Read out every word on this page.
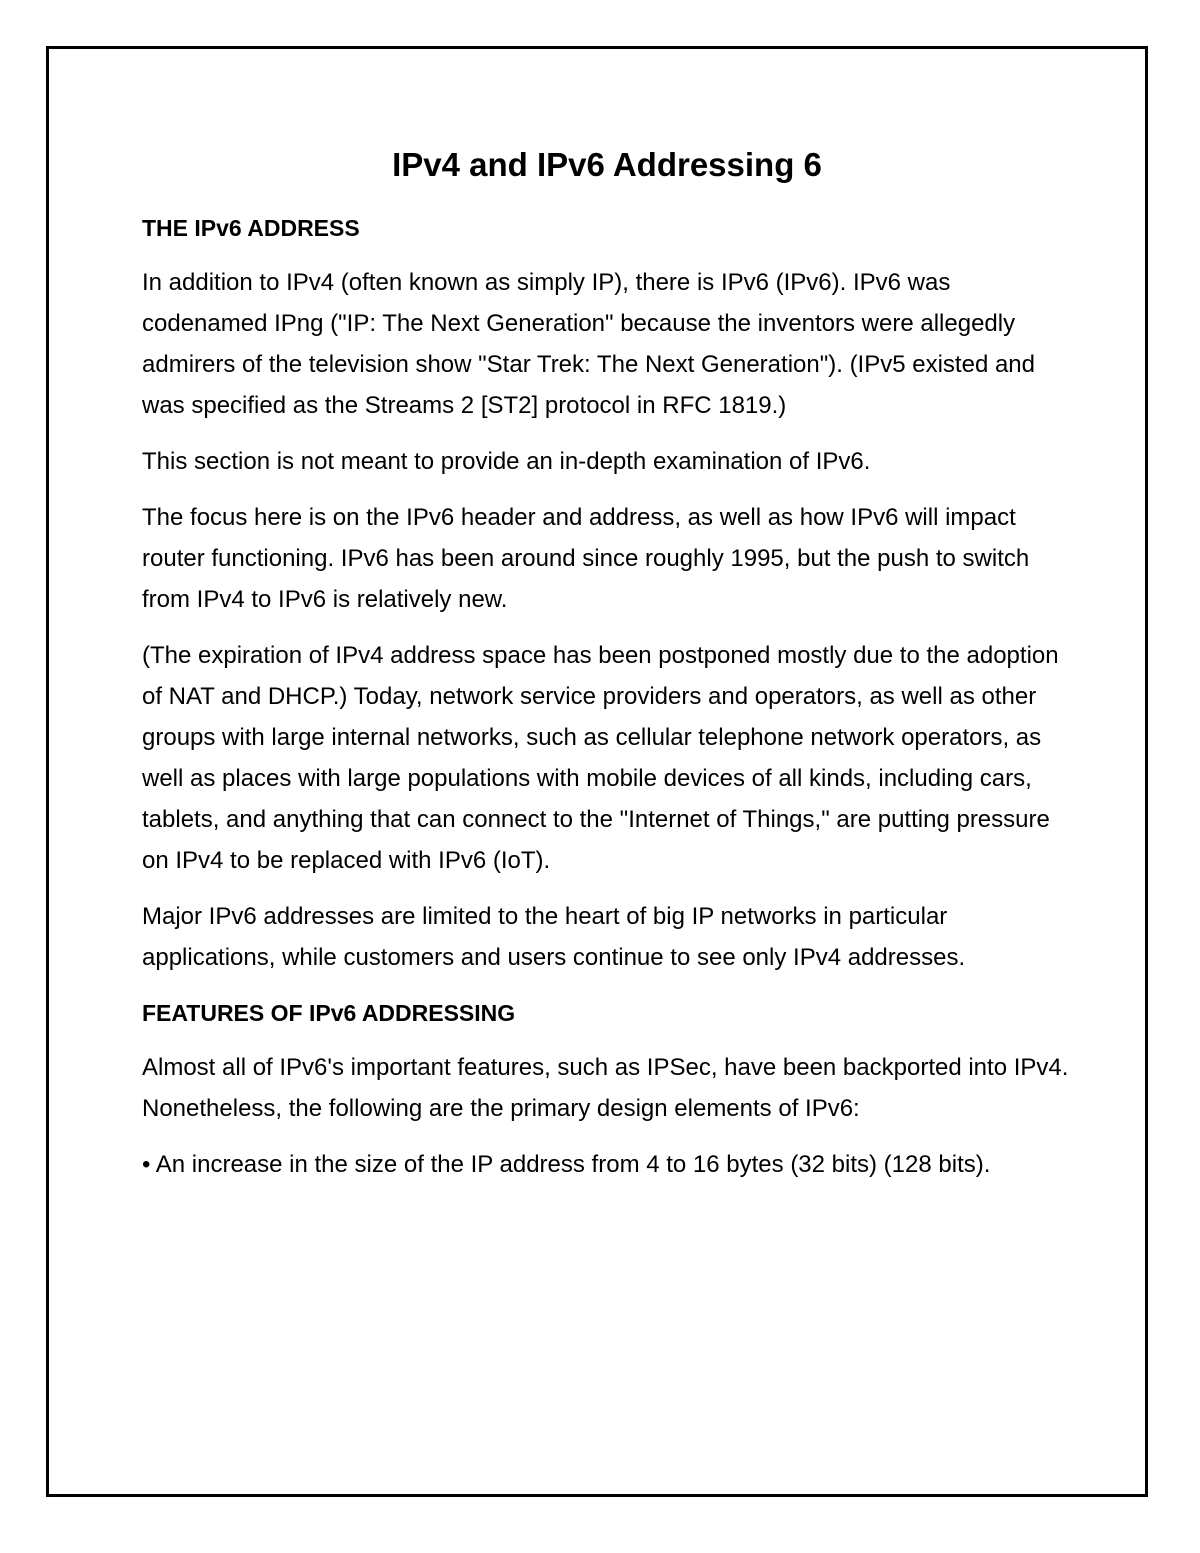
IPv4 and IPv6 Addressing 6
THE IPv6 ADDRESS

In addition to IPv4 (often known as simply IP), there is IPv6 (IPv6). IPv6 was codenamed IPng ("IP: The Next Generation" because the inventors were allegedly admirers of the television show "Star Trek: The Next Generation"). (IPv5 existed and was specified as the Streams 2 [ST2] protocol in RFC 1819.)

This section is not meant to provide an in-depth examination of IPv6.

The focus here is on the IPv6 header and address, as well as how IPv6 will impact router functioning. IPv6 has been around since roughly 1995, but the push to switch from IPv4 to IPv6 is relatively new.

(The expiration of IPv4 address space has been postponed mostly due to the adoption of NAT and DHCP.) Today, network service providers and operators, as well as other groups with large internal networks, such as cellular telephone network operators, as well as places with large populations with mobile devices of all kinds, including cars, tablets, and anything that can connect to the "Internet of Things," are putting pressure on IPv4 to be replaced with IPv6 (IoT).

Major IPv6 addresses are limited to the heart of big IP networks in particular applications, while customers and users continue to see only IPv4 addresses.

FEATURES OF IPv6 ADDRESSING

Almost all of IPv6's important features, such as IPSec, have been backported into IPv4. Nonetheless, the following are the primary design elements of IPv6:

• An increase in the size of the IP address from 4 to 16 bytes (32 bits) (128 bits).
